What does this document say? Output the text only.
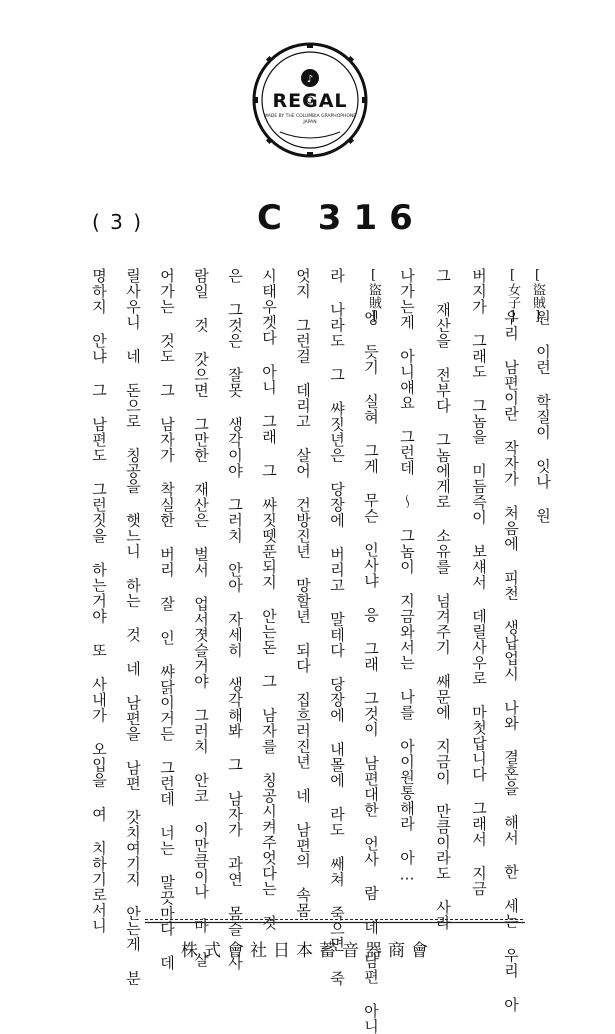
♪
REGAL
MADE BY THE COLUMBIA GRAPHOPHONE
JAPAN
( 3 )	C 316
[盜賊]
[女子]
[盜賊]
원 이런 학질이 잇나 원
우리 남편이란 작자가 처음에 피천 생납업시 나와 결혼을 해서 한 세는 우리 아
버지가 그래도 그놈을 미듬즉이 보섀서 데릴사우로 마첫답니다 그래서 지금
그 재산을 전부다 그놈에게로 소유를 넘겨주기 쌔문에 지금이 만큼이라도 사라
나가는게 아니얘요 그런데 ～ 그놈이 지금와서는 나를 아이원통해라 아…
엥 듯기 실혀 그게 무슨 인사냐 응 그래 그것이 남편대한 언사 람 네 남편 아니
라 나라도 그 쌰짓년은 당장에 버리고 말테다 당장에 내몰에 라도 쌔쳐 죽으면 죽
엇지 그런걸 데리고 살어 건방진년 망할년 되다 집흐러진년 네 남편의 속몸
시태우겟다 아니 그래 그 쌰짓뗏푼되지 안는돈 그 남자를 칭공시켜주엇다는 것
은 그것은 잘못 생각이야 그러치 안아 자세히 생각해봐 그 남자가 과연 몸슬 사
람일 것 갓으면 그만한 재산은 벌서 업서졋슬거야 그러치 안코 이만큼이나 마 살
어가는 것도 그 남자가 착실한 버리 잘 인 쌰닭이거든 그런데 너는 말끗마다 데
릴사우니 네 돈으로 칭공을 햇느니 하는 것 네 남편을 남편 갓치여기지 안는게 분
명하지 안냐 그 남편도 그런짓을 하는거야 또 사내가 오입을 여 치하기로서니
株式會社日本蓄音器商會
